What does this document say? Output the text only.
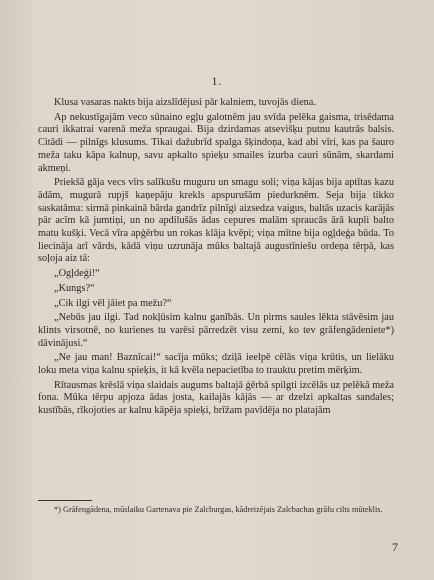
1.

Klusa vasaras nakts bija aizslīdējusi pār kalniem, tuvojās diena.

Ap nekustīgajām veco sūnaino egļu galotnēm jau svīda pelēka gaisma, trisēdama cauri ikkatrai varenā meža spraugai. Bija dzirdamas atsevišķu putnu kautrās balsis. Citādi — pilnīgs klusums. Tikai dažubrīd spalga šķindoņa, kad abi vīri, kas pa šauro meža taku kāpa kalnup, savu apkalto spieķu smailes izurba cauri sūnām, skardami akmeņi.

Priekšā gāja vecs vīrs salīkušu muguru un smagu soli; viņa kājas bija aptītas kazu ādām, mugurā rupjš kaņepāju krekls apspurušām piedurknēm. Seja bija tikko saskatāma: sirmā pinkainā bārda gandrīz pilnīgi aizsedza vaigus, baltās uzacis karājās pār acīm kā jumtiņi, un no apdilušās ādas cepures malām spraucās ārā kupli balto matu kušķi. Vecā vīra apģērbu un rokas klāja kvēpi; viņa mītne bija ogļdeģa būda. To liecināja arī vārds, kādā viņu uzrunāja mūks baltajā augustīniešu ordeņa tērpā, kas soļoja aiz tā:

„Ogļdeģi!“

„Kungs?“

„Cik ilgi vēl jāiet pa mežu?“

„Nebūs jau ilgi. Tad nokļūsim kalnu ganībās. Un pirms saules lēkta stāvēsim jau klints virsotnē, no kurienes tu varēsi pārredzēt visu zemi, ko tev grāfengādeniete*) dāvinājusi.“

„Ne jau man! Baznīcai!“ sacīja mūks; dziļā ieelpē cēlās viņa krūtis, un lielāku loku meta viņa kalnu spieķis, it kā kvēla nepacietība to trauktu pretim mērķim.

Rītausmas krēslā viņa slaidais augums baltajā ģērbā spilgti izcēlās uz pelēkā meža fona. Mūka tērpu apjoza ādas josta, kailajās kājās — ar dzelzi apkaltas sandales; kustībās, rīkojoties ar kalnu kāpēja spieķi, brīžam pavīdēja no platajām

*) Grāfengādena, mūslaiku Gartenava pie Zalcburgas, kādreizējais Zalcbachas grāfu cilts mūteklis.
7
